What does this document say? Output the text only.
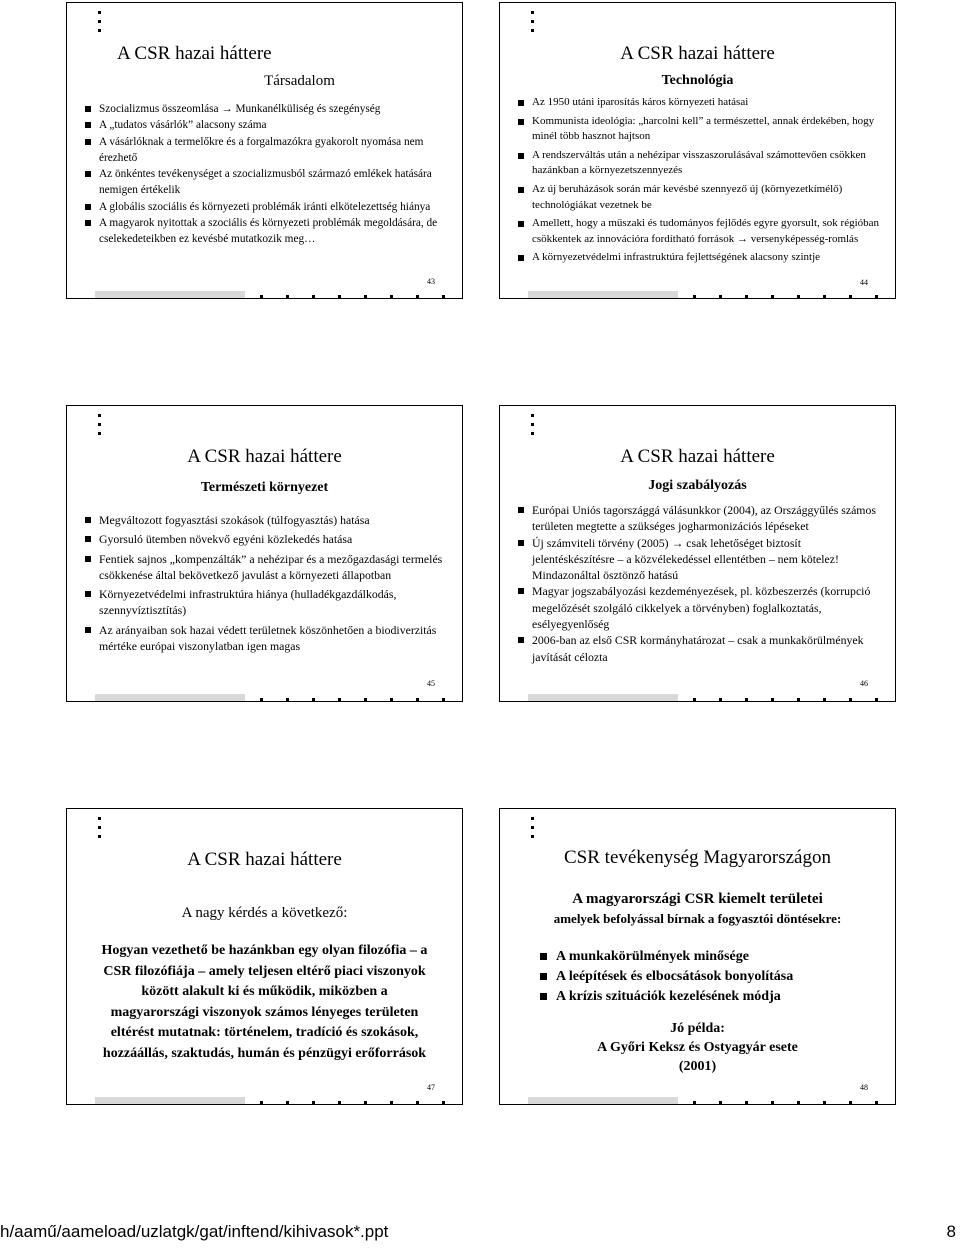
A CSR hazai háttere
Társadalom
Szocializmus összeomlása → Munkanélküliség és szegénység
A „tudatos vásárlók” alacsony száma
A vásárlóknak a termelőkre és a forgalmazókra gyakorolt nyomása nem érezhető
Az önkéntes tevékenységet a szocializmusból származó emlékek hatására nemigen értékelik
A globális szociális és környezeti problémák iránti elkötelezettség hiánya
A magyarok nyitottak a szociális és környezeti problémák megoldására, de cselekedeteikben ez kevésbé mutatkozik meg…
43
A CSR hazai háttere
Technológia
Az 1950 utáni iparosítás káros környezeti hatásai
Kommunista ideológia: „harcolni kell” a természettel, annak érdekében, hogy minél több hasznot hajtson
A rendszerváltás után a nehézipar visszaszorulásával számottevően csökken hazánkban a környezetszennyezés
Az új beruházások során már kevésbé szennyező új (környezetkímélő) technológiákat vezetnek be
Amellett, hogy a műszaki és tudományos fejlődés egyre gyorsult, sok régióban csökkentek az innovációra fordítható források → versenyképesség-romlás
A környezetvédelmi infrastruktúra fejlettségének alacsony szintje
44
A CSR hazai háttere
Természeti környezet
Megváltozott fogyasztási szokások (túlfogyasztás) hatása
Gyorsuló ütemben növekvő egyéni közlekedés hatása
Fentiek sajnos „kompenzálták” a nehézipar és a mezőgazdasági termelés csökkenése által bekövetkező javulást a környezeti állapotban
Környezetvédelmi infrastruktúra hiánya (hulladékgazdálkodás, szennyvíztisztítás)
Az arányaiban sok hazai védett területnek köszönhetően a biodiverzitás mértéke európai viszonylatban igen magas
45
A CSR hazai háttere
Jogi szabályozás
Európai Uniós tagországgá válásunkkor (2004), az Országgyűlés számos területen megtette a szükséges jogharmonizációs lépéseket
Új számviteli törvény (2005) → csak lehetőséget biztosít jelentéskészítésre – a közvélekedéssel ellentétben – nem kötelez! Mindazonáltal ösztönző hatású
Magyar jogszabályozási kezdeményezések, pl. közbeszerzés (korrupció megelőzését szolgáló cikkelyek a törvényben) foglalkoztatás, esélyegyenlőség
2006-ban az első CSR kormányhatározat – csak a munkakörülmények javítását célozta
46
A CSR hazai háttere
A nagy kérdés a következő:
Hogyan vezethető be hazánkban egy olyan filozófia – a CSR filozófiája – amely teljesen eltérő piaci viszonyok között alakult ki és működik, miközben a magyarországi viszonyok számos lényeges területen eltérést mutatnak: történelem, tradíció és szokások, hozzáállás, szaktudás, humán és pénzügyi erőforrások
47
CSR tevékenység Magyarországon
A magyarországi CSR kiemelt területei
amelyek befolyással bírnak a fogyasztói döntésekre:
A munkakörülmények minősége
A leépítések és elbocsátások bonyolítása
A krízis szituációk kezelésének módja
Jó példa:
A Győri Keksz és Ostyagyár esete
(2001)
48
h/aamű/aameload/uzlatgk/gat/inftend/kihivasok*.ppt	8
